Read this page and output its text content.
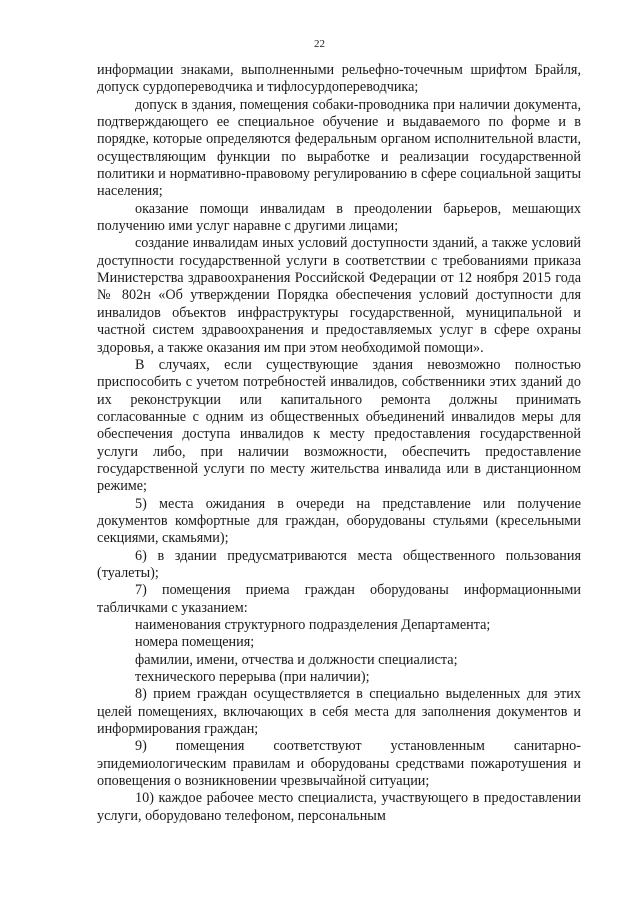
22

информации знаками, выполненными рельефно-точечным шрифтом Брайля, допуск сурдопереводчика и тифлосурдопереводчика;

допуск в здания, помещения собаки-проводника при наличии документа, подтверждающего ее специальное обучение и выдаваемого по форме и в порядке, которые определяются федеральным органом исполнительной власти, осуществляющим функции по выработке и реализации государственной политики и нормативно-правовому регулированию в сфере социальной защиты населения;

оказание помощи инвалидам в преодолении барьеров, мешающих получению ими услуг наравне с другими лицами;

создание инвалидам иных условий доступности зданий, а также условий доступности государственной услуги в соответствии с требованиями приказа Министерства здравоохранения Российской Федерации от 12 ноября 2015 года № 802н «Об утверждении Порядка обеспечения условий доступности для инвалидов объектов инфраструктуры государственной, муниципальной и частной систем здравоохранения и предоставляемых услуг в сфере охраны здоровья, а также оказания им при этом необходимой помощи».

В случаях, если существующие здания невозможно полностью приспособить с учетом потребностей инвалидов, собственники этих зданий до их реконструкции или капитального ремонта должны принимать согласованные с одним из общественных объединений инвалидов меры для обеспечения доступа инвалидов к месту предоставления государственной услуги либо, при наличии возможности, обеспечить предоставление государственной услуги по месту жительства инвалида или в дистанционном режиме;

5) места ожидания в очереди на представление или получение документов комфортные для граждан, оборудованы стульями (кресельными секциями, скамьями);

6) в здании предусматриваются места общественного пользования (туалеты);

7) помещения приема граждан оборудованы информационными табличками с указанием:

наименования структурного подразделения Департамента;

номера помещения;

фамилии, имени, отчества и должности специалиста;

технического перерыва (при наличии);

8) прием граждан осуществляется в специально выделенных для этих целей помещениях, включающих в себя места для заполнения документов и информирования граждан;

9) помещения соответствуют установленным санитарно-эпидемиологическим правилам и оборудованы средствами пожаротушения и оповещения о возникновении чрезвычайной ситуации;

10) каждое рабочее место специалиста, участвующего в предоставлении услуги, оборудовано телефоном, персональным
